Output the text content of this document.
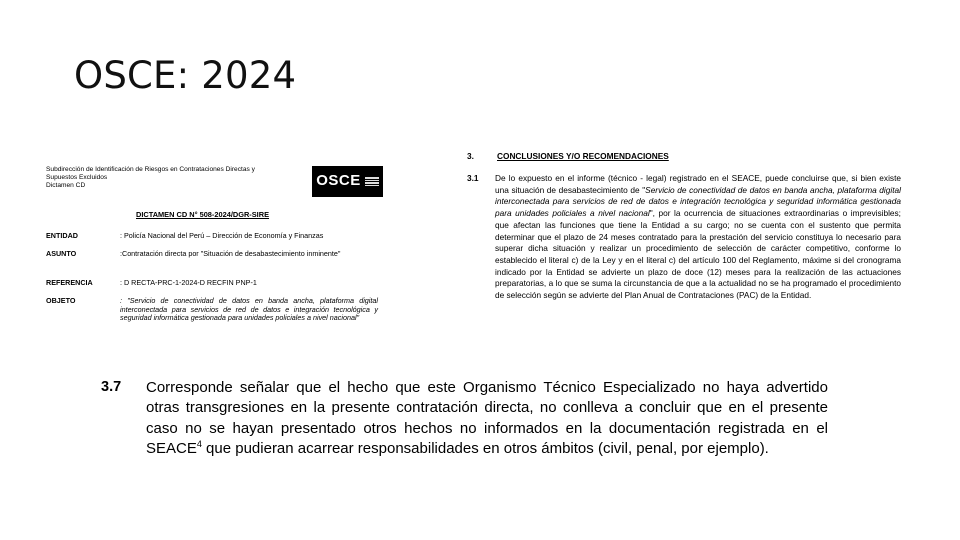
OSCE: 2024
Subdirección de Identificación de Riesgos en Contrataciones Directas y
Supuestos Excluidos
Dictamen CD	OSCE
DICTAMEN CD N° 508-2024/DGR-SIRE
ENTIDAD	: Policía Nacional del Perú – Dirección de Economía y Finanzas
ASUNTO	:Contratación directa por "Situación de desabastecimiento inminente"
REFERENCIA	: D RECTA-PRC-1-2024-D RECFIN PNP-1
OBJETO	: "Servicio de conectividad de datos en banda ancha, plataforma digital interconectada para servicios de red de datos e integración tecnológica y seguridad informática gestionada para unidades policiales a nivel nacional"
3.	CONCLUSIONES Y/O RECOMENDACIONES
3.1 De lo expuesto en el informe (técnico - legal) registrado en el SEACE, puede concluirse que, si bien existe una situación de desabastecimiento de "Servicio de conectividad de datos en banda ancha, plataforma digital interconectada para servicios de red de datos e integración tecnológica y seguridad informática gestionada para unidades policiales a nivel nacional", por la ocurrencia de situaciones extraordinarias o imprevisibles; que afectan las funciones que tiene la Entidad a su cargo; no se cuenta con el sustento que permita determinar que el plazo de 24 meses contratado para la prestación del servicio constituya lo necesario para superar dicha situación y realizar un procedimiento de selección de carácter competitivo, conforme lo establecido el literal c) de la Ley y en el literal c) del artículo 100 del Reglamento, máxime si del cronograma indicado por la Entidad se advierte un plazo de doce (12) meses para la realización de las actuaciones preparatorias, a lo que se suma la circunstancia de que a la actualidad no se ha programado el procedimiento de selección según se advierte del Plan Anual de Contrataciones (PAC) de la Entidad.
3.7 Corresponde señalar que el hecho que este Organismo Técnico Especializado no haya advertido otras transgresiones en la presente contratación directa, no conlleva a concluir que en el presente caso no se hayan presentado otros hechos no informados en la documentación registrada en el SEACE$^4$ que pudieran acarrear responsabilidades en otros ámbitos (civil, penal, por ejemplo).
